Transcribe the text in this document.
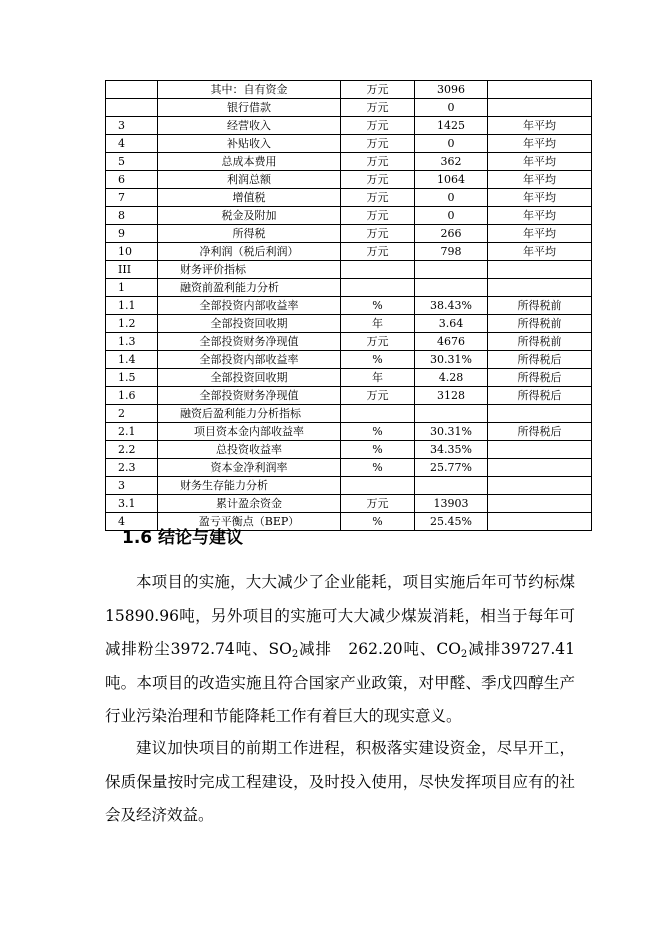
	其中：自有资金	万元	3096	
	银行借款	万元	0	
3	经营收入	万元	1425	年平均
4	补贴收入	万元	0	年平均
5	总成本费用	万元	362	年平均
6	利润总额	万元	1064	年平均
7	增值税	万元	0	年平均
8	税金及附加	万元	0	年平均
9	所得税	万元	266	年平均
10	净利润（税后利润）	万元	798	年平均
III	财务评价指标			
1	融资前盈利能力分析			
1.1	全部投资内部收益率	%	38.43%	所得税前
1.2	全部投资回收期	年	3.64	所得税前
1.3	全部投资财务净现值	万元	4676	所得税前
1.4	全部投资内部收益率	%	30.31%	所得税后
1.5	全部投资回收期	年	4.28	所得税后
1.6	全部投资财务净现值	万元	3128	所得税后
2	融资后盈利能力分析指标			
2.1	项目资本金内部收益率	%	30.31%	所得税后
2.2	总投资收益率	%	34.35%	
2.3	资本金净利润率	%	25.77%	
3	财务生存能力分析			
3.1	累计盈余资金	万元	13903	
4	盈亏平衡点（BEP）	%	25.45%	
1.6 结论与建议
本项目的实施，大大减少了企业能耗，项目实施后年可节约标煤15890.96吨，另外项目的实施可大大减少煤炭消耗，相当于每年可减排粉尘3972.74吨、$SO_2$减排　262.20吨、$CO_2$减排39727.41吨。本项目的改造实施且符合国家产业政策，对甲醛、季戊四醇生产行业污染治理和节能降耗工作有着巨大的现实意义。
建议加快项目的前期工作进程，积极落实建设资金，尽早开工，保质保量按时完成工程建设，及时投入使用，尽快发挥项目应有的社会及经济效益。
